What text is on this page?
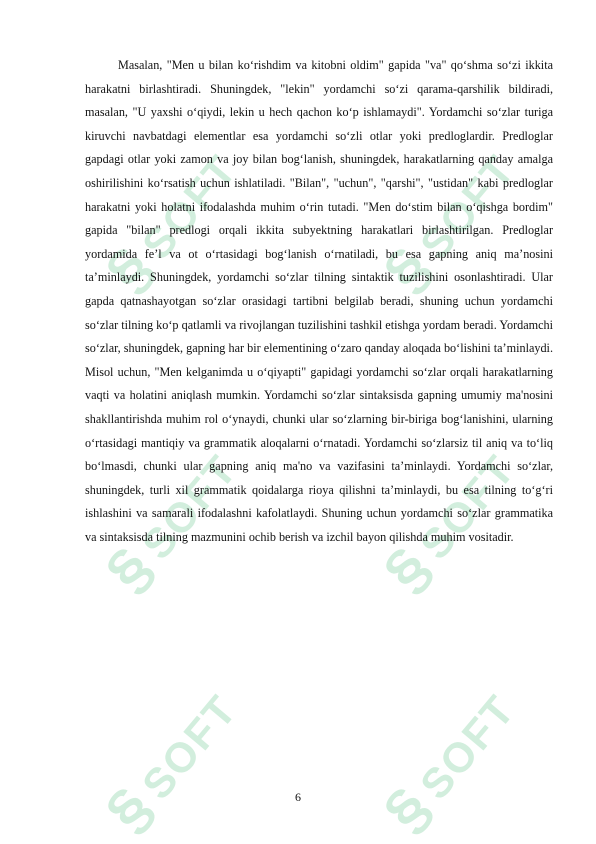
§SOFT
§SOFT
§SOFT
§SOFT
§SOFT
§SOFT

Masalan, "Men u bilan ko‘rishdim va kitobni oldim" gapida "va" qo‘shma so‘zi ikkita harakatni birlashtiradi. Shuningdek, "lekin" yordamchi so‘zi qarama-qarshilik bildiradi, masalan, "U yaxshi o‘qiydi, lekin u hech qachon ko‘p ishlamaydi". Yordamchi so‘zlar turiga kiruvchi navbatdagi elementlar esa yordamchi so‘zli otlar yoki predloglardir. Predloglar gapdagi otlar yoki zamon va joy bilan bog‘lanish, shuningdek, harakatlarning qanday amalga oshirilishini ko‘rsatish uchun ishlatiladi. "Bilan", "uchun", "qarshi", "ustidan" kabi predloglar harakatni yoki holatni ifodalashda muhim o‘rin tutadi. "Men do‘stim bilan o‘qishga bordim" gapida "bilan" predlogi orqali ikkita subyektning harakatlari birlashtirilgan. Predloglar yordamida fe’l va ot o‘rtasidagi bog‘lanish o‘rnatiladi, bu esa gapning aniq ma’nosini ta’minlaydi. Shuningdek, yordamchi so‘zlar tilning sintaktik tuzilishini osonlashtiradi. Ular gapda qatnashayotgan so‘zlar orasidagi tartibni belgilab beradi, shuning uchun yordamchi so‘zlar tilning ko‘p qatlamli va rivojlangan tuzilishini tashkil etishga yordam beradi. Yordamchi so‘zlar, shuningdek, gapning har bir elementining o‘zaro qanday aloqada bo‘lishini ta’minlaydi. Misol uchun, "Men kelganimda u o‘qiyapti" gapidagi yordamchi so‘zlar orqali harakatlarning vaqti va holatini aniqlash mumkin. Yordamchi so‘zlar sintaksisda gapning umumiy ma'nosini shakllantirishda muhim rol o‘ynaydi, chunki ular so‘zlarning bir-biriga bog‘lanishini, ularning o‘rtasidagi mantiqiy va grammatik aloqalarni o‘rnatadi. Yordamchi so‘zlarsiz til aniq va to‘liq bo‘lmasdi, chunki ular gapning aniq ma'no va vazifasini ta’minlaydi. Yordamchi so‘zlar, shuningdek, turli xil grammatik qoidalarga rioya qilishni ta’minlaydi, bu esa tilning to‘g‘ri ishlashini va samarali ifodalashni kafolatlaydi. Shuning uchun yordamchi so‘zlar grammatika va sintaksisda tilning mazmunini ochib berish va izchil bayon qilishda muhim vositadir.

6
